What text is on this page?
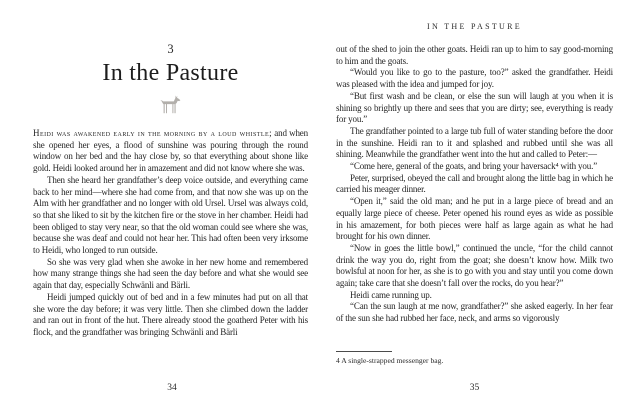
3
In the Pasture

Heidi was awakened early in the morning by a loud whistle; and when she opened her eyes, a flood of sunshine was pouring through the round window on her bed and the hay close by, so that everything about shone like gold. Heidi looked around her in amazement and did not know where she was.

Then she heard her grandfather’s deep voice outside, and everything came back to her mind—where she had come from, and that now she was up on the Alm with her grandfather and no longer with old Ursel. Ursel was always cold, so that she liked to sit by the kitchen fire or the stove in her chamber. Heidi had been obliged to stay very near, so that the old woman could see where she was, because she was deaf and could not hear her. This had often been very irksome to Heidi, who longed to run outside.

So she was very glad when she awoke in her new home and remembered how many strange things she had seen the day before and what she would see again that day, especially Schwänli and Bärli.

Heidi jumped quickly out of bed and in a few minutes had put on all that she wore the day before; it was very little. Then she climbed down the ladder and ran out in front of the hut. There already stood the goatherd Peter with his flock, and the grandfather was bringing Schwänli and Bärli

34
IN THE PASTURE

out of the shed to join the other goats. Heidi ran up to him to say good-morning to him and the goats.

“Would you like to go to the pasture, too?” asked the grandfather. Heidi was pleased with the idea and jumped for joy.

“But first wash and be clean, or else the sun will laugh at you when it is shining so brightly up there and sees that you are dirty; see, everything is ready for you.”

The grandfather pointed to a large tub full of water standing before the door in the sunshine. Heidi ran to it and splashed and rubbed until she was all shining. Meanwhile the grandfather went into the hut and called to Peter:—

“Come here, general of the goats, and bring your haversack⁴ with you.”

Peter, surprised, obeyed the call and brought along the little bag in which he carried his meager dinner.

“Open it,” said the old man; and he put in a large piece of bread and an equally large piece of cheese. Peter opened his round eyes as wide as possible in his amazement, for both pieces were half as large again as what he had brought for his own dinner.

“Now in goes the little bowl,” continued the uncle, “for the child cannot drink the way you do, right from the goat; she doesn’t know how. Milk two bowlsful at noon for her, as she is to go with you and stay until you come down again; take care that she doesn’t fall over the rocks, do you hear?”

Heidi came running up.

“Can the sun laugh at me now, grandfather?” she asked eagerly. In her fear of the sun she had rubbed her face, neck, and arms so vigorously

4 A single-strapped messenger bag.
35
